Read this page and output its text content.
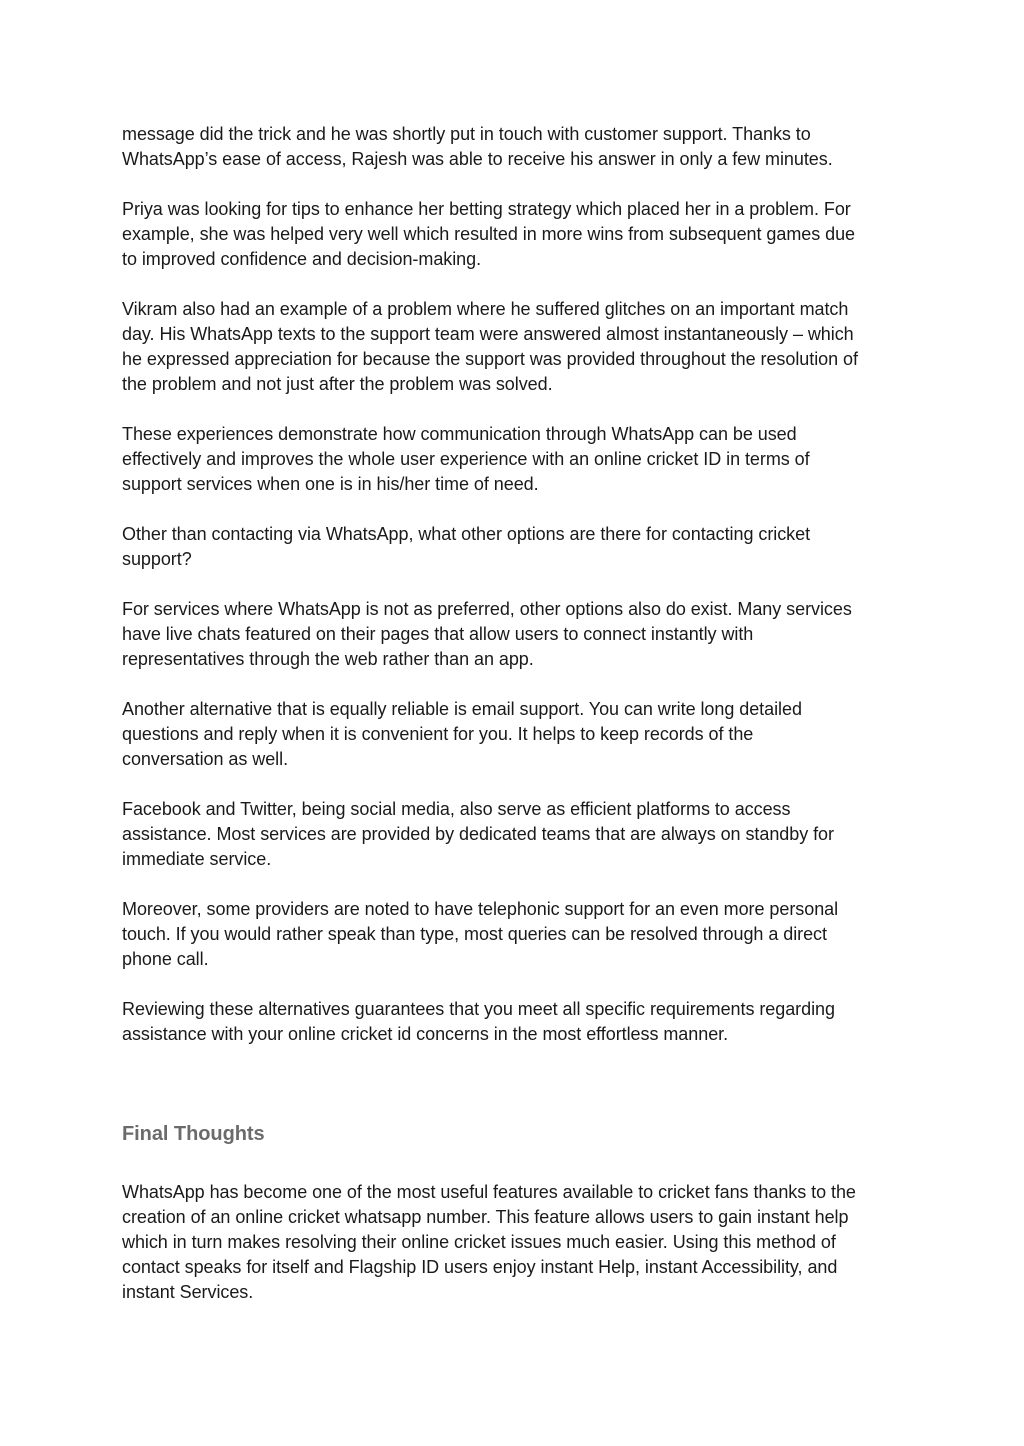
message did the trick and he was shortly put in touch with customer support. Thanks to
WhatsApp’s ease of access, Rajesh was able to receive his answer in only a few minutes.

Priya was looking for tips to enhance her betting strategy which placed her in a problem. For
example, she was helped very well which resulted in more wins from subsequent games due
to improved confidence and decision-making.

Vikram also had an example of a problem where he suffered glitches on an important match
day. His WhatsApp texts to the support team were answered almost instantaneously – which
he expressed appreciation for because the support was provided throughout the resolution of
the problem and not just after the problem was solved.

These experiences demonstrate how communication through WhatsApp can be used
effectively and improves the whole user experience with an online cricket ID in terms of
support services when one is in his/her time of need.

Other than contacting via WhatsApp, what other options are there for contacting cricket
support?

For services where WhatsApp is not as preferred, other options also do exist. Many services
have live chats featured on their pages that allow users to connect instantly with
representatives through the web rather than an app.

Another alternative that is equally reliable is email support. You can write long detailed
questions and reply when it is convenient for you. It helps to keep records of the
conversation as well.

Facebook and Twitter, being social media, also serve as efficient platforms to access
assistance. Most services are provided by dedicated teams that are always on standby for
immediate service.

Moreover, some providers are noted to have telephonic support for an even more personal
touch. If you would rather speak than type, most queries can be resolved through a direct
phone call.

Reviewing these alternatives guarantees that you meet all specific requirements regarding
assistance with your online cricket id concerns in the most effortless manner.

Final Thoughts

WhatsApp has become one of the most useful features available to cricket fans thanks to the
creation of an online cricket whatsapp number. This feature allows users to gain instant help
which in turn makes resolving their online cricket issues much easier. Using this method of
contact speaks for itself and Flagship ID users enjoy instant Help, instant Accessibility, and
instant Services.
